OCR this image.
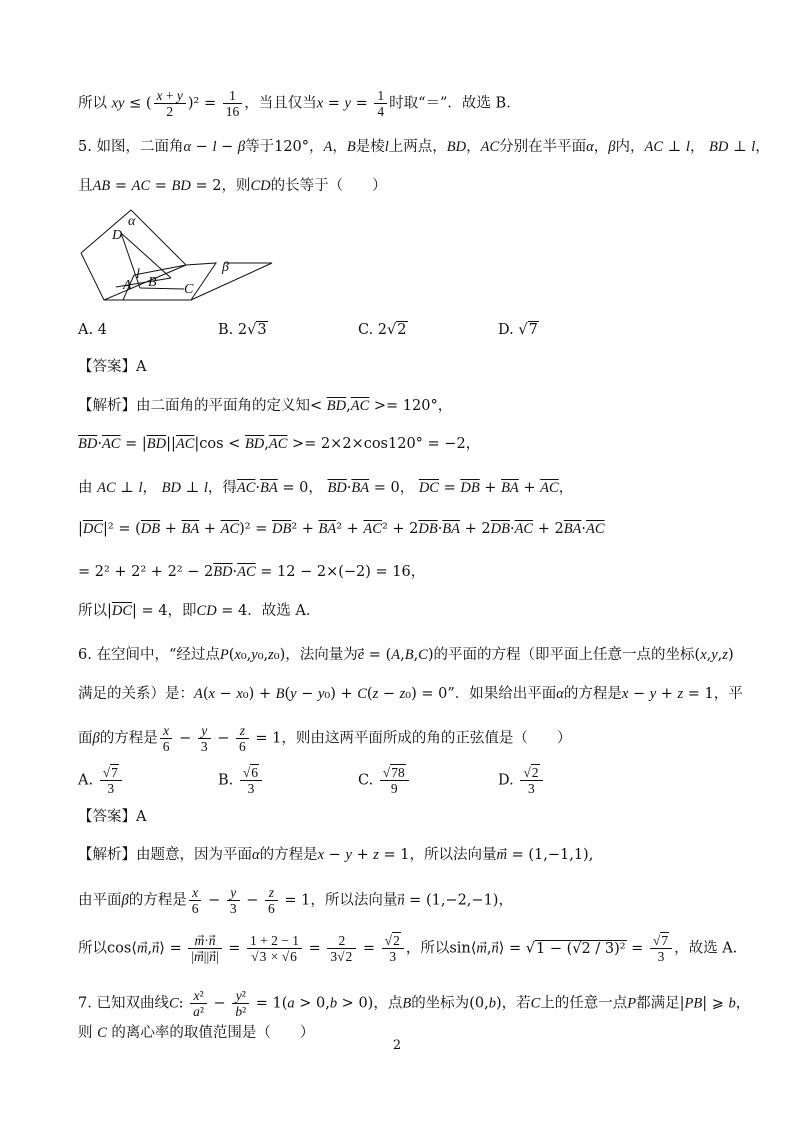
所以 xy ≤ ( $\frac{x + y}{2} )^2 = \frac{1}{16}$ ，当且仅当$x = y = \frac{1}{4}$ 时取“＝”．故选 B．
5. 如图，二面角α − l − β等于120°，A，B是棱l上两点，BD，AC分别在半平面α，β内，AC ⊥ l， BD ⊥ l，
且AB = AC = BD = 2，则CD的长等于（　　）
α
D
l
B
A	C
β
A. 4	B. 2√3	C. 2√2	D. √7
【答案】A
【解析】由二面角的平面角的定义知< $\overline{BD},\overline{AC} >= 120^\circ$，
$\overline{BD}\cdot\overline{AC} = |\overline{BD}||\overline{AC}|\cos < \overline{BD},\overline{AC} >= 2\times 2\times\cos 120^\circ = -2$，
由 AC ⊥ l， BD ⊥ l，得$\overline{AC}\cdot\overline{BA} = 0$， $\overline{BD}\cdot\overline{BA} = 0$， $\overline{DC} = \overline{DB} + \overline{BA} + \overline{AC}$，
$|\overline{DC}|^2 = (\overline{DB} + \overline{BA} + \overline{AC})^2 = \overline{DB}^2 + \overline{BA}^2 + \overline{AC}^2 + 2\overline{DB}\cdot\overline{BA} + 2\overline{DB}\cdot\overline{AC} + 2\overline{BA}\cdot\overline{AC}$
= $2^2 + 2^2 + 2^2 - 2\overline{BD}\cdot\overline{AC} = 12 - 2\times(-2) = 16$，
所以$|\overline{DC}| = 4$，即CD = 4．故选 A．
6. 在空间中，“经过点P(x₀,y₀,z₀)，法向量为e⃗ = (A,B,C)的平面的方程（即平面上任意一点的坐标(x,y,z)
满足的关系）是：A(x − x₀) + B(y − y₀) + C(z − z₀) = 0”．如果给出平面α的方程是x − y + z = 1，平
面β的方程是 $\frac{x}{6} - \frac{y}{3} - \frac{z}{6} = 1$，则由这两平面所成的角的正弦值是（　　）
A. $\frac{√7}{3}$	B. $\frac{√6}{3}$	C. $\frac{√78}{9}$	D. $\frac{√2}{3}$
【答案】A
【解析】由题意，因为平面α的方程是x − y + z = 1，所以法向量m⃗ = (1,−1,1),
由平面β的方程是 $\frac{x}{6} - \frac{y}{3} - \frac{z}{6} = 1$，所以法向量n⃗ = (1,−2,−1)，
所以cos⟨m⃗,n⃗⟩ = $\frac{m⃗\cdot n}{|m⃗||n⃗|} = \frac{1 + 2 - 1}{√3 \times √6} = \frac{2}{3√2} = \frac{√2}{3}$ ，所以sin⟨m⃗,n⃗⟩ = $√1 - (√2 / 3)^2 = \frac{√7}{3}$ ，故选 A.
7. 已知双曲线C: $\frac{\text{x²}}{\text{a²}} - \frac{\text{y²}}{\text{b²}} = 1(a > 0,b > 0)$，点B的坐标为(0,b)，若C上的任意一点P都满足|PB| ⩾ b，
则 C 的离心率的取值范围是（　　）
2
